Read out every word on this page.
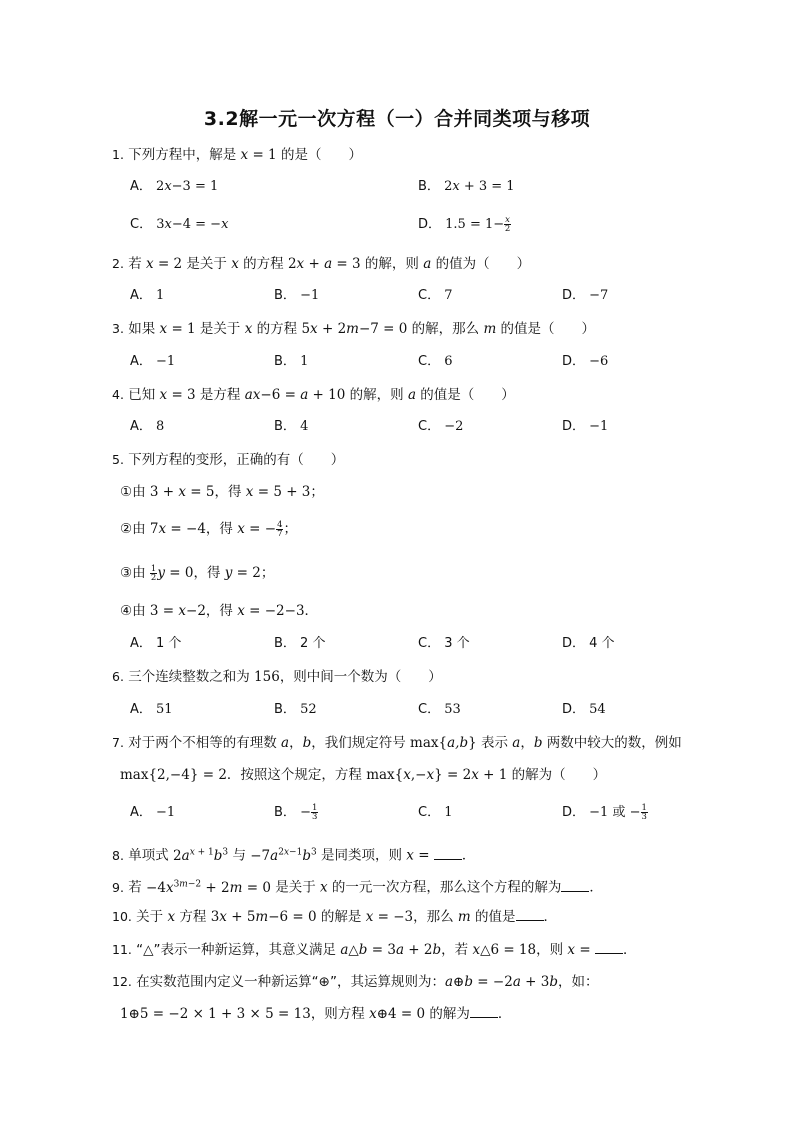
3.2解一元一次方程（一）合并同类项与移项
1. 下列方程中，解是 x = 1 的是（　　）
A． 2x−3 = 1	B． 2x + 3 = 1
C． 3x−4 = −x	D． $1.5 = 1- \frac{x}{2}$
2. 若 x = 2 是关于 x 的方程 2x + a = 3 的解，则 a 的值为（　　）
A． 1	B． −1	C． 7	D． −7
3. 如果 x = 1 是关于 x 的方程 5x + 2m−7 = 0 的解，那么 m 的值是（　　）
A． −1	B． 1	C． 6	D． −6
4. 已知 x = 3 是方程 ax−6 = a + 10 的解，则 a 的值是（　　）
A． 8	B． 4	C． −2	D． −1
5. 下列方程的变形，正确的有（　　）
①由 3 + x = 5，得 x = 5 + 3；
②由 7x = −4，得 x = − $\frac{4}{7}$ ；
③由 $\frac{1}{2}$ y = 0，得 y = 2；
④由 3 = x−2，得 x = −2−3．
A． 1 个	B． 2 个	C． 3 个	D． 4 个
6. 三个连续整数之和为 156，则中间一个数为（　　）
A． 51	B． 52	C． 53	D． 54
7. 对于两个不相等的有理数 a，b，我们规定符号 max{a,b} 表示 a，b 两数中较大的数，例如
max{2,−4} = 2．按照这个规定，方程 max{x,−x} = 2x + 1 的解为（　　）
A． −1	B． − $\frac{1}{3}$	C． 1	D． −1 或 − $\frac{1}{3}$
8. 单项式 $2a^{x + 1}b^3$ 与 $-7a^{2x-1}b^3$ 是同类项，则 x = ．
9. 若 $-4x^{3m-2} + 2m = 0$ 是关于 x 的一元一次方程，那么这个方程的解为 ．
10. 关于 x 方程 3x + 5m−6 = 0 的解是 x = −3，那么 m 的值是 ．
11. “△”表示一种新运算，其意义满足 a△b = 3a + 2b，若 x△6 = 18，则 x = ．
12. 在实数范围内定义一种新运算“⊕”，其运算规则为：a⊕b = −2a + 3b，如：
1⊕5 = −2 × 1 + 3 × 5 = 13，则方程 x⊕4 = 0 的解为 ．
